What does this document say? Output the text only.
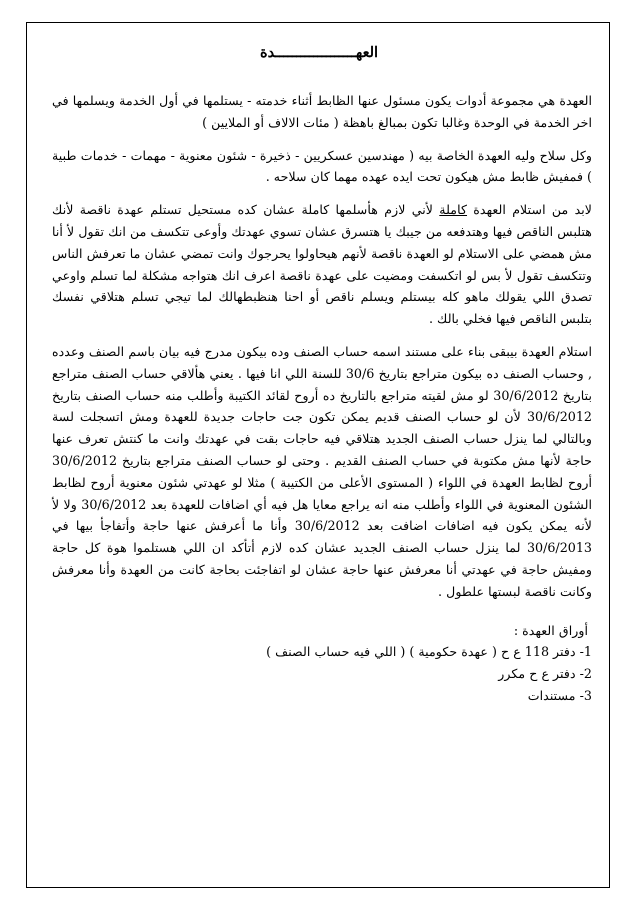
العهـــــــــــــــــــدة

العهدة هي مجموعة أدوات يكون مسئول عنها الظابط أثناء خدمته - يستلمها في أول الخدمة ويسلمها في اخر الخدمة في الوحدة وغالبا تكون بمبالغ باهظة ( مئات الالاف أو الملايين )

وكل سلاح وليه العهدة الخاصة بيه ( مهندسين عسكريين - ذخيرة - شئون معنوية - مهمات - خدمات طبية ) فمفيش ظابط مش هيكون تحت ايده عهده مهما كان سلاحه .

لابد من استلام العهدة كاملة لأني لازم هأسلمها كاملة عشان كده مستحيل تستلم عهدة ناقصة لأنك هتلبس الناقص فيها وهتدفعه من جيبك يا هتسرق عشان تسوي عهدتك وأوعى تتكسف من انك تقول لأ أنا مش همضي على الاستلام لو العهدة ناقصة لأنهم هيحاولوا يحرجوك وانت تمضي عشان ما تعرفش الناس وتتكسف تقول لأ بس لو اتكسفت ومضيت على عهدة ناقصة اعرف انك هتواجه مشكلة لما تسلم واوعي تصدق اللي يقولك ماهو كله بيستلم ويسلم ناقص أو احنا هنظبطهالك لما تيجي تسلم هتلاقي نفسك بتلبس الناقص فيها فخلي بالك .

استلام العهدة بيبقى بناء على مستند اسمه حساب الصنف وده بيكون مدرج فيه بيان باسم الصنف وعدده , وحساب الصنف ده بيكون متراجع بتاريخ 30/6 للسنة اللي انا فيها . يعني هألاقي حساب الصنف متراجع بتاريخ 30/6/2012 لو مش لقيته متراجع بالتاريخ ده أروح لقائد الكتيبة وأطلب منه حساب الصنف بتاريخ 30/6/2012 لأن لو حساب الصنف قديم يمكن تكون جت حاجات جديدة للعهدة ومش اتسجلت لسة وبالتالي لما ينزل حساب الصنف الجديد هتلاقي فيه حاجات بقت في عهدتك وانت ما كنتش تعرف عنها حاجة لأنها مش مكتوبة في حساب الصنف القديم . وحتى لو حساب الصنف متراجع بتاريخ 30/6/2012 أروح لظابط العهدة في اللواء ( المستوى الأعلى من الكتيبة ) مثلا لو عهدتي شئون معنوية أروح لظابط الشئون المعنوية في اللواء وأطلب منه انه يراجع معايا هل فيه أي اضافات للعهدة بعد 30/6/2012 ولا لأ لأنه يمكن يكون فيه اضافات اضافت بعد 30/6/2012 وأنا ما أعرفش عنها حاجة وأتفاجأ بيها في 30/6/2013 لما ينزل حساب الصنف الجديد عشان كده لازم أتأكد ان اللي هستلموا هوة كل حاجة ومفيش حاجة في عهدتي أنا معرفش عنها حاجة عشان لو اتفاجئت بحاجة كانت من العهدة وأنا معرفش وكانت ناقصة لبستها علطول .

أوراق العهدة :

1- دفتر 118 ع ح ( عهدة حكومية ) ( اللي فيه حساب الصنف )

2- دفتر ع ح مكرر

3- مستندات
